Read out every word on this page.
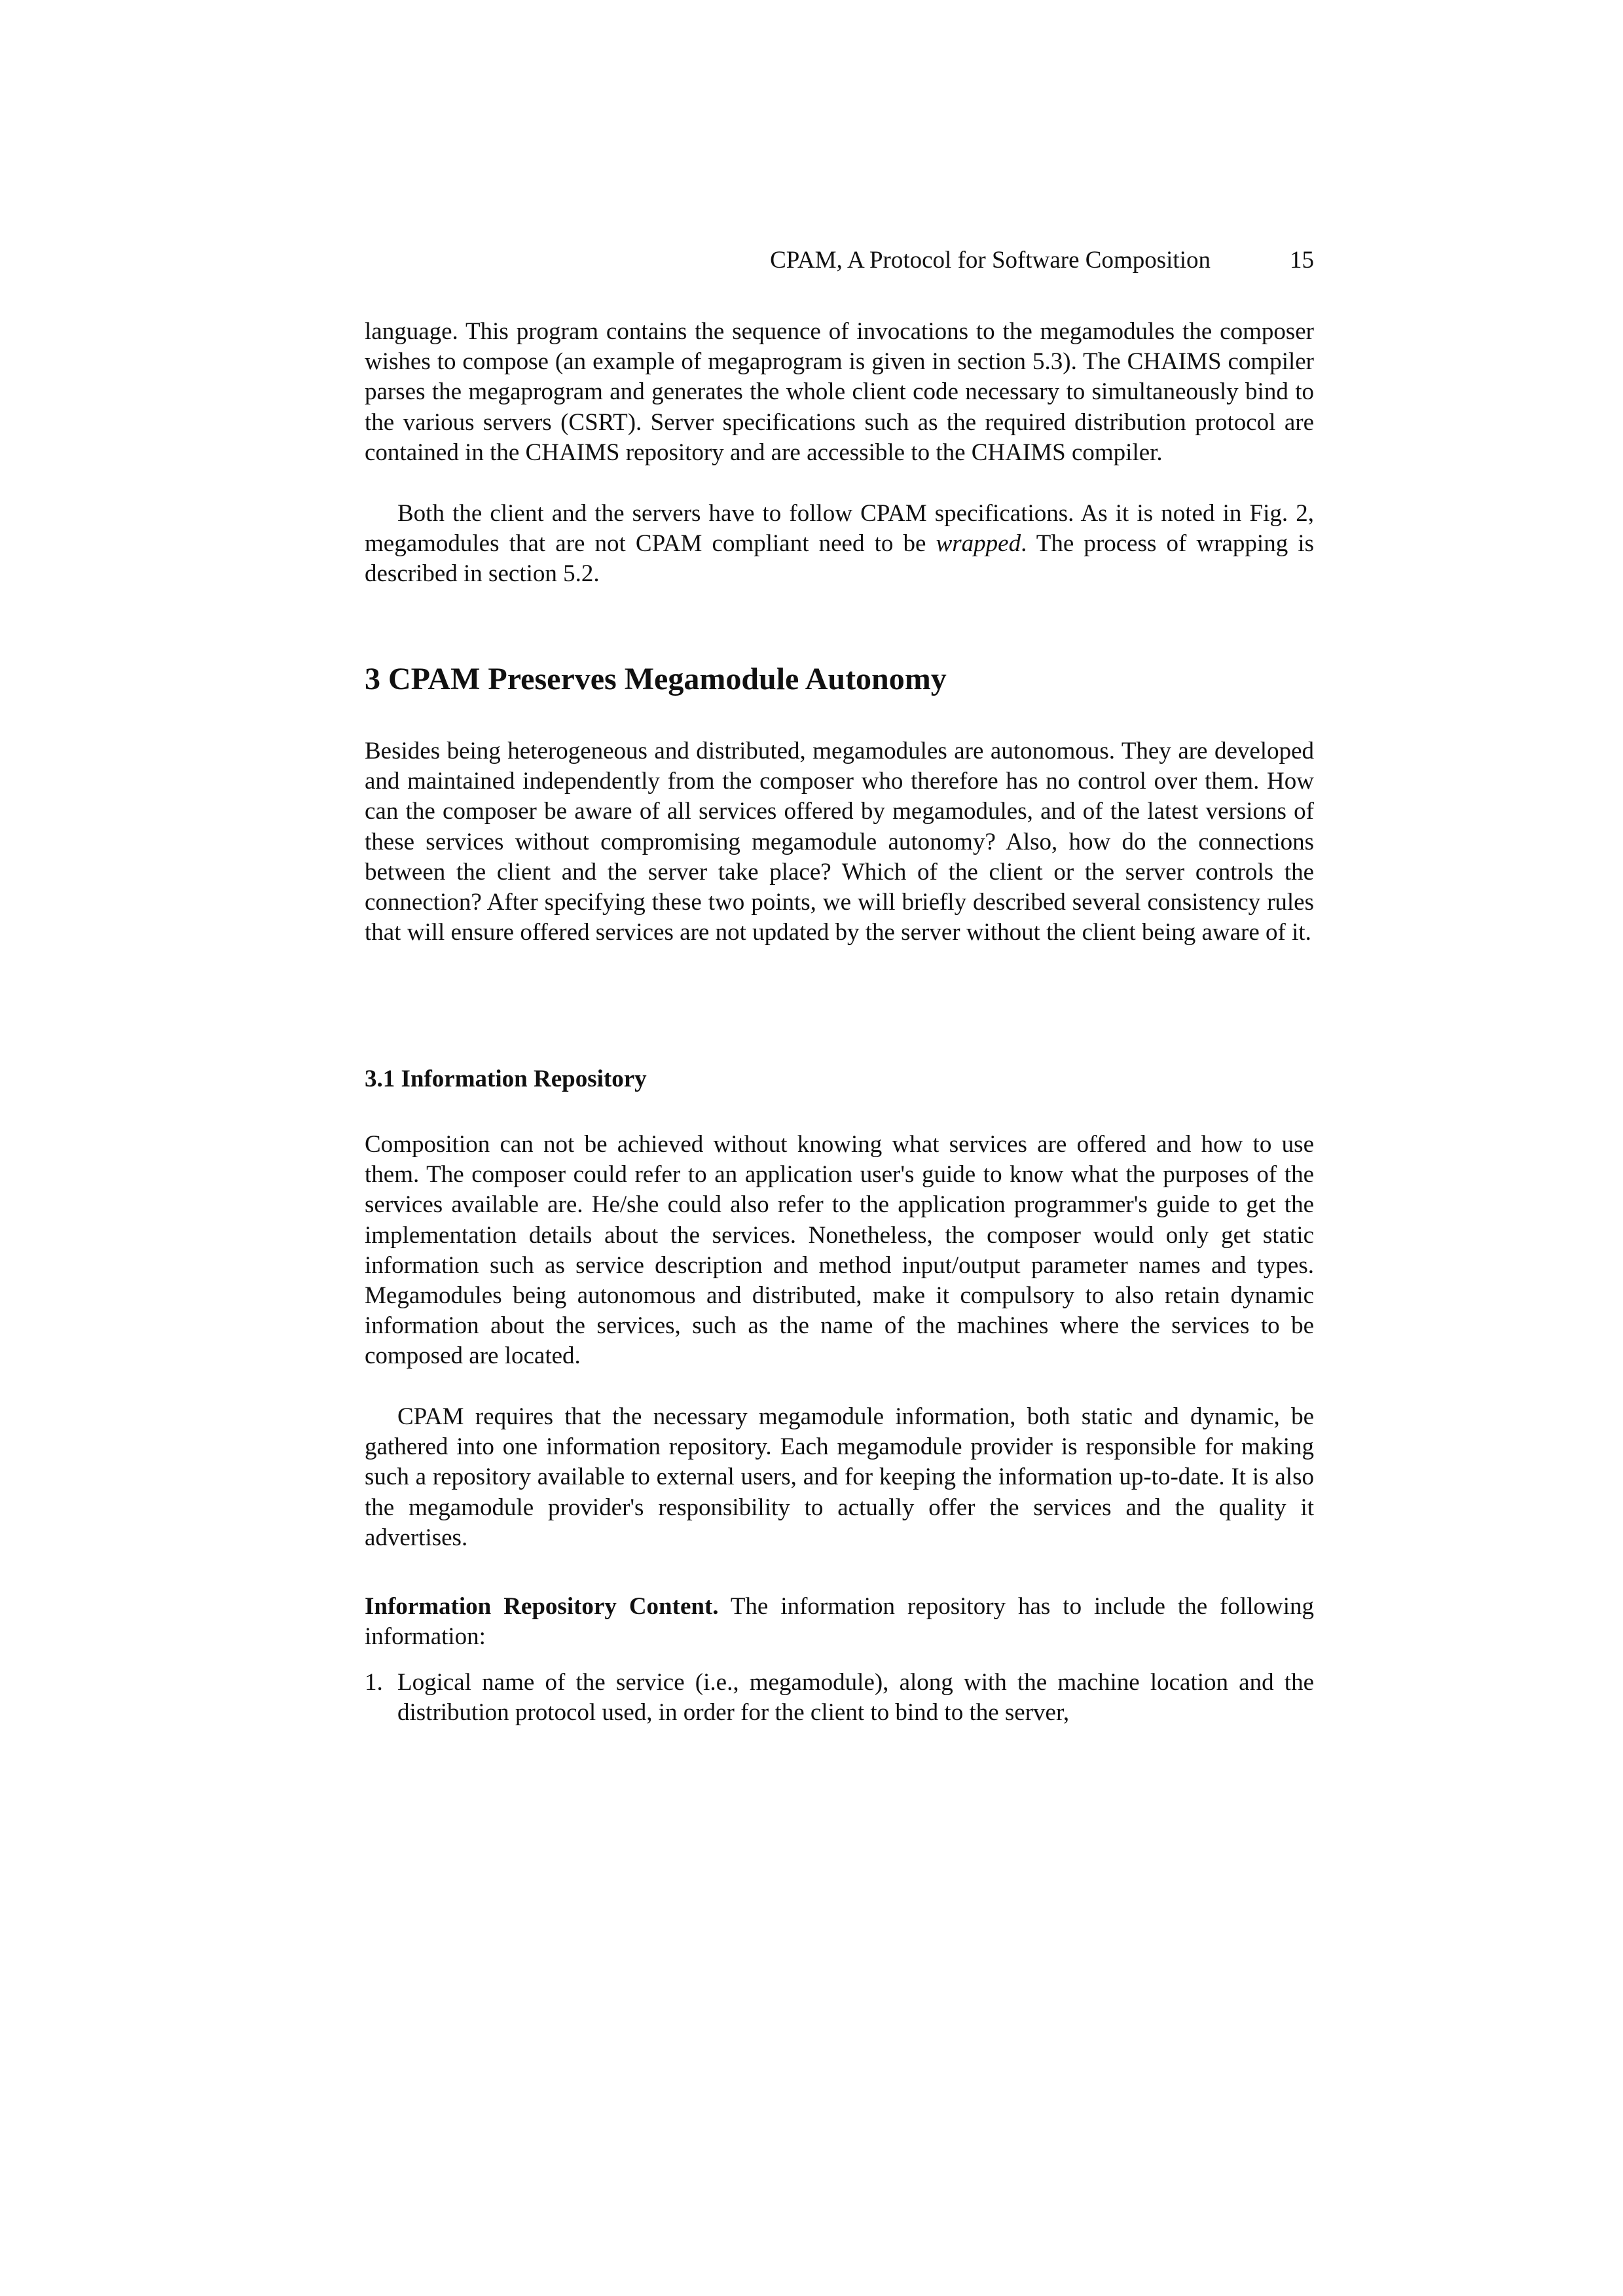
CPAM, A Protocol for Software Composition	15

language. This program contains the sequence of invocations to the megamodules the composer wishes to compose (an example of megaprogram is given in section 5.3). The CHAIMS compiler parses the megaprogram and generates the whole client code necessary to simultaneously bind to the various servers (CSRT). Server specifications such as the required distribution protocol are contained in the CHAIMS repository and are accessible to the CHAIMS compiler.

Both the client and the servers have to follow CPAM specifications. As it is noted in Fig. 2, megamodules that are not CPAM compliant need to be wrapped. The process of wrapping is described in section 5.2.

3 CPAM Preserves Megamodule Autonomy

Besides being heterogeneous and distributed, megamodules are autonomous. They are developed and maintained independently from the composer who therefore has no control over them. How can the composer be aware of all services offered by megamodules, and of the latest versions of these services without compromising megamodule autonomy? Also, how do the connections between the client and the server take place? Which of the client or the server controls the connection? After specifying these two points, we will briefly described several consistency rules that will ensure offered services are not updated by the server without the client being aware of it.

3.1 Information Repository

Composition can not be achieved without knowing what services are offered and how to use them. The composer could refer to an application user's guide to know what the purposes of the services available are. He/she could also refer to the application programmer's guide to get the implementation details about the services. Nonetheless, the composer would only get static information such as service description and method input/output parameter names and types. Megamodules being autonomous and distributed, make it compulsory to also retain dynamic information about the services, such as the name of the machines where the services to be composed are located.

CPAM requires that the necessary megamodule information, both static and dynamic, be gathered into one information repository. Each megamodule provider is responsible for making such a repository available to external users, and for keeping the information up-to-date. It is also the megamodule provider's responsibility to actually offer the services and the quality it advertises.

Information Repository Content. The information repository has to include the following information:

1. Logical name of the service (i.e., megamodule), along with the machine location and the distribution protocol used, in order for the client to bind to the server,
